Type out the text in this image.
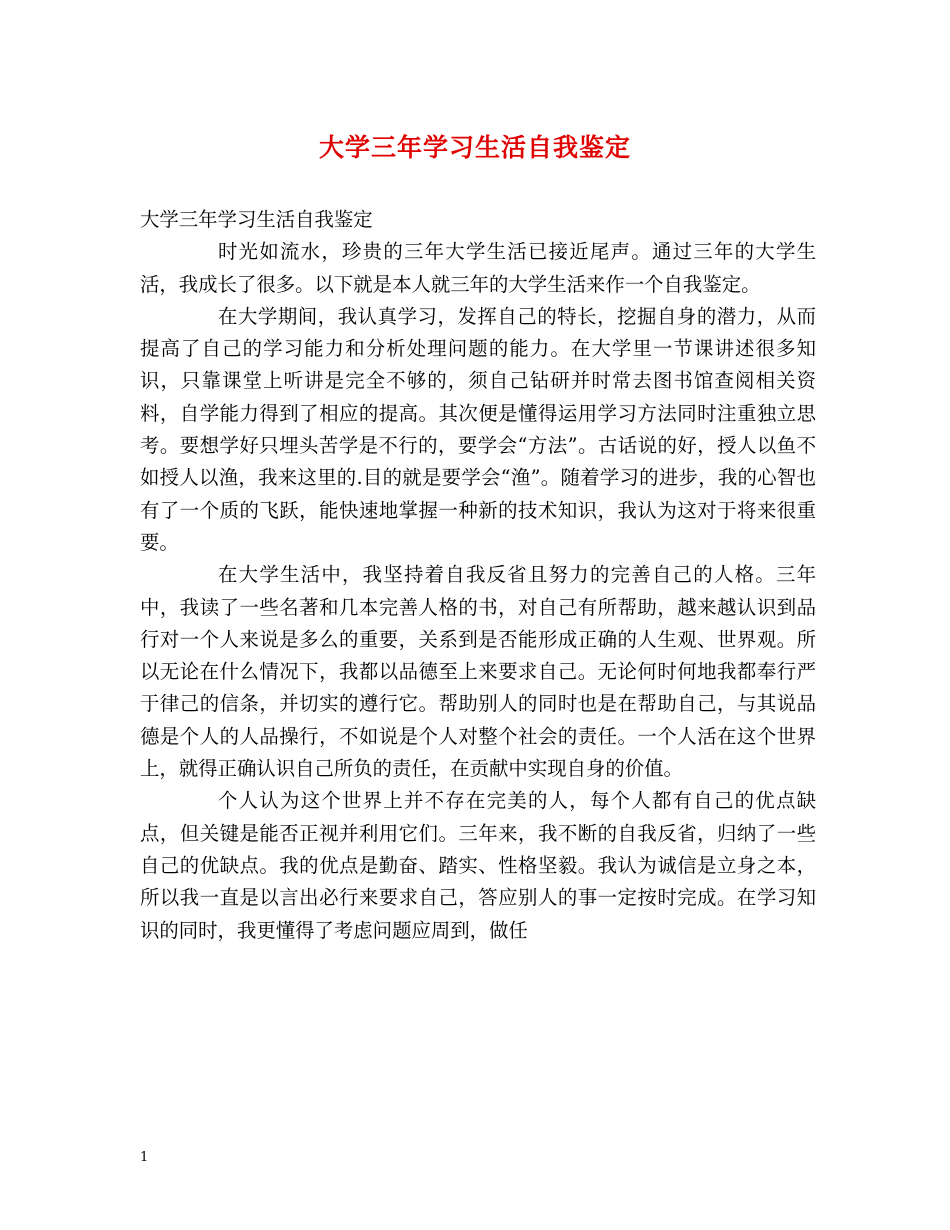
大学三年学习生活自我鉴定

大学三年学习生活自我鉴定

时光如流水，珍贵的三年大学生活已接近尾声。通过三年的大学生活，我成长了很多。以下就是本人就三年的大学生活来作一个自我鉴定。

在大学期间，我认真学习，发挥自己的特长，挖掘自身的潜力，从而提高了自己的学习能力和分析处理问题的能力。在大学里一节课讲述很多知识，只靠课堂上听讲是完全不够的，须自己钻研并时常去图书馆查阅相关资料，自学能力得到了相应的提高。其次便是懂得运用学习方法同时注重独立思考。要想学好只埋头苦学是不行的，要学会“方法”。古话说的好，授人以鱼不如授人以渔，我来这里的.目的就是要学会“渔”。随着学习的进步，我的心智也有了一个质的飞跃，能快速地掌握一种新的技术知识，我认为这对于将来很重要。

在大学生活中，我坚持着自我反省且努力的完善自己的人格。三年中，我读了一些名著和几本完善人格的书，对自己有所帮助，越来越认识到品行对一个人来说是多么的重要，关系到是否能形成正确的人生观、世界观。所以无论在什么情况下，我都以品德至上来要求自己。无论何时何地我都奉行严于律己的信条，并切实的遵行它。帮助别人的同时也是在帮助自己，与其说品德是个人的人品操行，不如说是个人对整个社会的责任。一个人活在这个世界上，就得正确认识自己所负的责任，在贡献中实现自身的价值。

个人认为这个世界上并不存在完美的人，每个人都有自己的优点缺点，但关键是能否正视并利用它们。三年来，我不断的自我反省，归纳了一些自己的优缺点。我的优点是勤奋、踏实、性格坚毅。我认为诚信是立身之本，所以我一直是以言出必行来要求自己，答应别人的事一定按时完成。在学习知识的同时，我更懂得了考虑问题应周到，做任

1
